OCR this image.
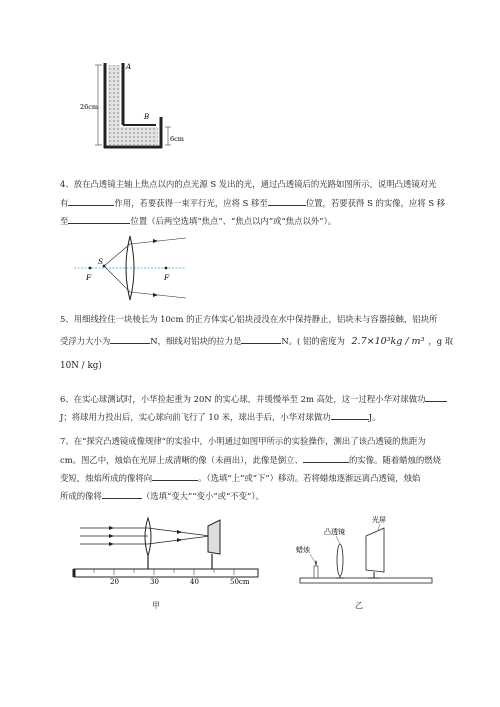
A
B
26cm
6cm
4、放在凸透镜主轴上焦点以内的点光源 S 发出的光，通过凸透镜后的光路如图所示，说明凸透镜对光
有	作用，若要获得一束平行光，应将 S 移至	位置，若要获得 S 的实像，应将 S 移
至	位置（后两空选填“焦点”、“焦点以内”或“焦点以外”）。
S
F	F
5、用细线拴住一块棱长为 10cm 的正方体实心铝块浸没在水中保持静止，铝块未与容器接触，铝块所
受浮力大小为	N，细线对铝块的拉力是	N。( 铝的密度为 2.7×10³kg / m³ ，g 取
10N / kg)
6、在实心球测试时，小华捡起重为 20N 的实心球，并缓慢举至 2m 高处，这一过程小华对球做功
J；将球用力投出后，实心球向前飞行了 10 米，球出手后，小华对球做功	J。
7、在“探究凸透镜成像规律”的实验中，小明通过如图甲所示的实验操作，测出了该凸透镜的焦距为
cm。图乙中，烛焰在光屏上成清晰的像（未画出），此像是倒立、	的实像。随着蜡烛的燃烧
变短，烛焰所成的像将向	。（选填“上”或“下”）移动。若将蜡烛逐渐远离凸透镜，烛焰
所成的像将	（选填“变大”“变小”或“不变”）。
20	30	40	50cm
蜡烛
凸透镜
光屏
甲	乙
